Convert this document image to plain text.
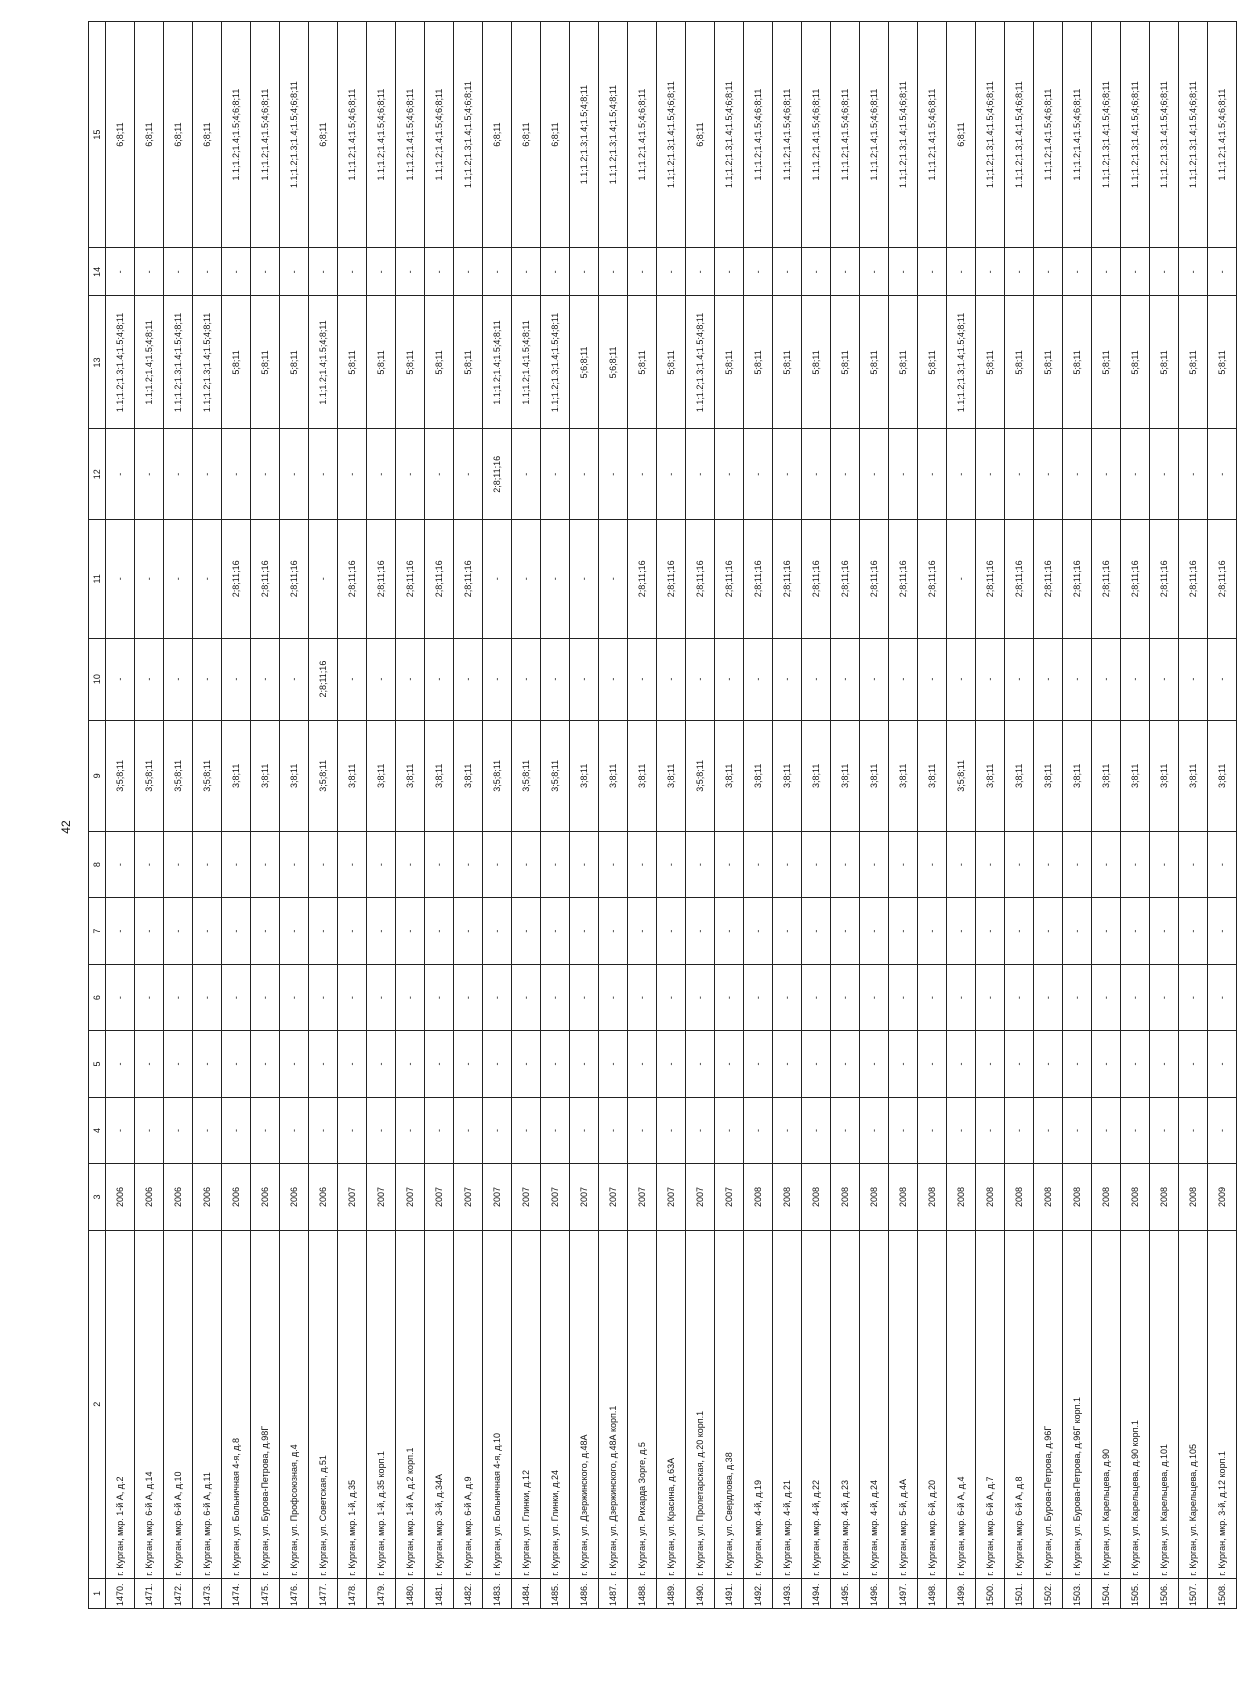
42
1	2	3	4	5	6	7	8	9	10	11	12	13	14	15
1470.	г. Курган, мкр. 1-й А, д.2	2006	-	-	-	-	-	3;5;8;11	-	-	-	1.1;1.2;1.3;1.4;1.5;4;8;11	-	6;8;11
1471.	г. Курган, мкр. 6-й А, д.14	2006	-	-	-	-	-	3;5;8;11	-	-	-	1.1;1.2;1.4;1.5;4;8;11	-	6;8;11
1472.	г. Курган, мкр. 6-й А, д.10	2006	-	-	-	-	-	3;5;8;11	-	-	-	1.1;1.2;1.3;1.4;1.5;4;8;11	-	6;8;11
1473.	г. Курган, мкр. 6-й А, д.11	2006	-	-	-	-	-	3;5;8;11	-	-	-	1.1;1.2;1.3;1.4;1.5;4;8;11	-	6;8;11
1474.	г. Курган, ул. Больничная 4-я, д.8	2006	-	-	-	-	-	3;8;11	-	2;8;11;16	-	5;8;11	-	1.1;1.2;1.4;1.5;4;6;8;11
1475.	г. Курган, ул. Бурова-Петрова, д.98Г	2006	-	-	-	-	-	3;8;11	-	2;8;11;16	-	5;8;11	-	1.1;1.2;1.4;1.5;4;6;8;11
1476.	г. Курган, ул. Профсоюзная, д.4	2006	-	-	-	-	-	3;8;11	-	2;8;11;16	-	5;8;11	-	1.1;1.2;1.3;1.4;1.5;4;6;8;11
1477.	г. Курган, ул. Советская, д.51	2006	-	-	-	-	-	3;5;8;11	2;8;11;16	-	-	1.1;1.2;1.4;1.5;4;8;11	-	6;8;11
1478.	г. Курган, мкр. 1-й, д.35	2007	-	-	-	-	-	3;8;11	-	2;8;11;16	-	5;8;11	-	1.1;1.2;1.4;1.5;4;6;8;11
1479.	г. Курган, мкр. 1-й, д.35 корп.1	2007	-	-	-	-	-	3;8;11	-	2;8;11;16	-	5;8;11	-	1.1;1.2;1.4;1.5;4;6;8;11
1480.	г. Курган, мкр. 1-й А, д.2 корп.1	2007	-	-	-	-	-	3;8;11	-	2;8;11;16	-	5;8;11	-	1.1;1.2;1.4;1.5;4;6;8;11
1481.	г. Курган, мкр. 3-й, д.34А	2007	-	-	-	-	-	3;8;11	-	2;8;11;16	-	5;8;11	-	1.1;1.2;1.4;1.5;4;6;8;11
1482.	г. Курган, мкр. 6-й А, д.9	2007	-	-	-	-	-	3;8;11	-	2;8;11;16	-	5;8;11	-	1.1;1.2;1.3;1.4;1.5;4;6;8;11
1483.	г. Курган, ул. Больничная 4-я, д.10	2007	-	-	-	-	-	3;5;8;11	-	-	2;8;11;16	1.1;1.2;1.4;1.5;4;8;11	-	6;8;11
1484.	г. Курган, ул. Глинки, д.12	2007	-	-	-	-	-	3;5;8;11	-	-	-	1.1;1.2;1.4;1.5;4;8;11	-	6;8;11
1485.	г. Курган, ул. Глинки, д.24	2007	-	-	-	-	-	3;5;8;11	-	-	-	1.1;1.2;1.3;1.4;1.5;4;8;11	-	6;8;11
1486.	г. Курган, ул. Дзержинского, д.48А	2007	-	-	-	-	-	3;8;11	-	-	-	5;6;8;11	-	1.1;1.2;1.3;1.4;1.5;4;8;11
1487.	г. Курган, ул. Дзержинского, д.48А корп.1	2007	-	-	-	-	-	3;8;11	-	-	-	5;6;8;11	-	1.1;1.2;1.3;1.4;1.5;4;8;11
1488.	г. Курган, ул. Рихарда Зорге, д.5	2007	-	-	-	-	-	3;8;11	-	2;8;11;16	-	5;8;11	-	1.1;1.2;1.4;1.5;4;6;8;11
1489.	г. Курган, ул. Красина, д.63А	2007	-	-	-	-	-	3;8;11	-	2;8;11;16	-	5;8;11	-	1.1;1.2;1.3;1.4;1.5;4;6;8;11
1490.	г. Курган, ул. Пролетарская, д.20 корп.1	2007	-	-	-	-	-	3;5;8;11	-	2;8;11;16	-	1.1;1.2;1.3;1.4;1.5;4;8;11	-	6;8;11
1491.	г. Курган, ул. Свердлова, д.38	2007	-	-	-	-	-	3;8;11	-	2;8;11;16	-	5;8;11	-	1.1;1.2;1.3;1.4;1.5;4;6;8;11
1492.	г. Курган, мкр. 4-й, д.19	2008	-	-	-	-	-	3;8;11	-	2;8;11;16	-	5;8;11	-	1.1;1.2;1.4;1.5;4;6;8;11
1493.	г. Курган, мкр. 4-й, д.21	2008	-	-	-	-	-	3;8;11	-	2;8;11;16	-	5;8;11	-	1.1;1.2;1.4;1.5;4;6;8;11
1494.	г. Курган, мкр. 4-й, д.22	2008	-	-	-	-	-	3;8;11	-	2;8;11;16	-	5;8;11	-	1.1;1.2;1.4;1.5;4;6;8;11
1495.	г. Курган, мкр. 4-й, д.23	2008	-	-	-	-	-	3;8;11	-	2;8;11;16	-	5;8;11	-	1.1;1.2;1.4;1.5;4;6;8;11
1496.	г. Курган, мкр. 4-й, д.24	2008	-	-	-	-	-	3;8;11	-	2;8;11;16	-	5;8;11	-	1.1;1.2;1.4;1.5;4;6;8;11
1497.	г. Курган, мкр. 5-й, д.4А	2008	-	-	-	-	-	3;8;11	-	2;8;11;16	-	5;8;11	-	1.1;1.2;1.3;1.4;1.5;4;6;8;11
1498.	г. Курган, мкр. 6-й, д.20	2008	-	-	-	-	-	3;8;11	-	2;8;11;16	-	5;8;11	-	1.1;1.2;1.4;1.5;4;6;8;11
1499.	г. Курган, мкр. 6-й А, д.4	2008	-	-	-	-	-	3;5;8;11	-	-	-	1.1;1.2;1.3;1.4;1.5;4;8;11	-	6;8;11
1500.	г. Курган, мкр. 6-й А, д.7	2008	-	-	-	-	-	3;8;11	-	2;8;11;16	-	5;8;11	-	1.1;1.2;1.3;1.4;1.5;4;6;8;11
1501.	г. Курган, мкр. 6-й А, д.8	2008	-	-	-	-	-	3;8;11	-	2;8;11;16	-	5;8;11	-	1.1;1.2;1.3;1.4;1.5;4;6;8;11
1502.	г. Курган, ул. Бурова-Петрова, д.96Г	2008	-	-	-	-	-	3;8;11	-	2;8;11;16	-	5;8;11	-	1.1;1.2;1.4;1.5;4;6;8;11
1503.	г. Курган, ул. Бурова-Петрова, д.96Г корп.1	2008	-	-	-	-	-	3;8;11	-	2;8;11;16	-	5;8;11	-	1.1;1.2;1.4;1.5;4;6;8;11
1504.	г. Курган, ул. Карельцева, д.90	2008	-	-	-	-	-	3;8;11	-	2;8;11;16	-	5;8;11	-	1.1;1.2;1.3;1.4;1.5;4;6;8;11
1505.	г. Курган, ул. Карельцева, д.90 корп.1	2008	-	-	-	-	-	3;8;11	-	2;8;11;16	-	5;8;11	-	1.1;1.2;1.3;1.4;1.5;4;6;8;11
1506.	г. Курган, ул. Карельцева, д.101	2008	-	-	-	-	-	3;8;11	-	2;8;11;16	-	5;8;11	-	1.1;1.2;1.3;1.4;1.5;4;6;8;11
1507.	г. Курган, ул. Карельцева, д.105	2008	-	-	-	-	-	3;8;11	-	2;8;11;16	-	5;8;11	-	1.1;1.2;1.3;1.4;1.5;4;6;8;11
1508.	г. Курган, мкр. 3-й, д.12 корп.1	2009	-	-	-	-	-	3;8;11	-	2;8;11;16	-	5;8;11	-	1.1;1.2;1.4;1.5;4;6;8;11
